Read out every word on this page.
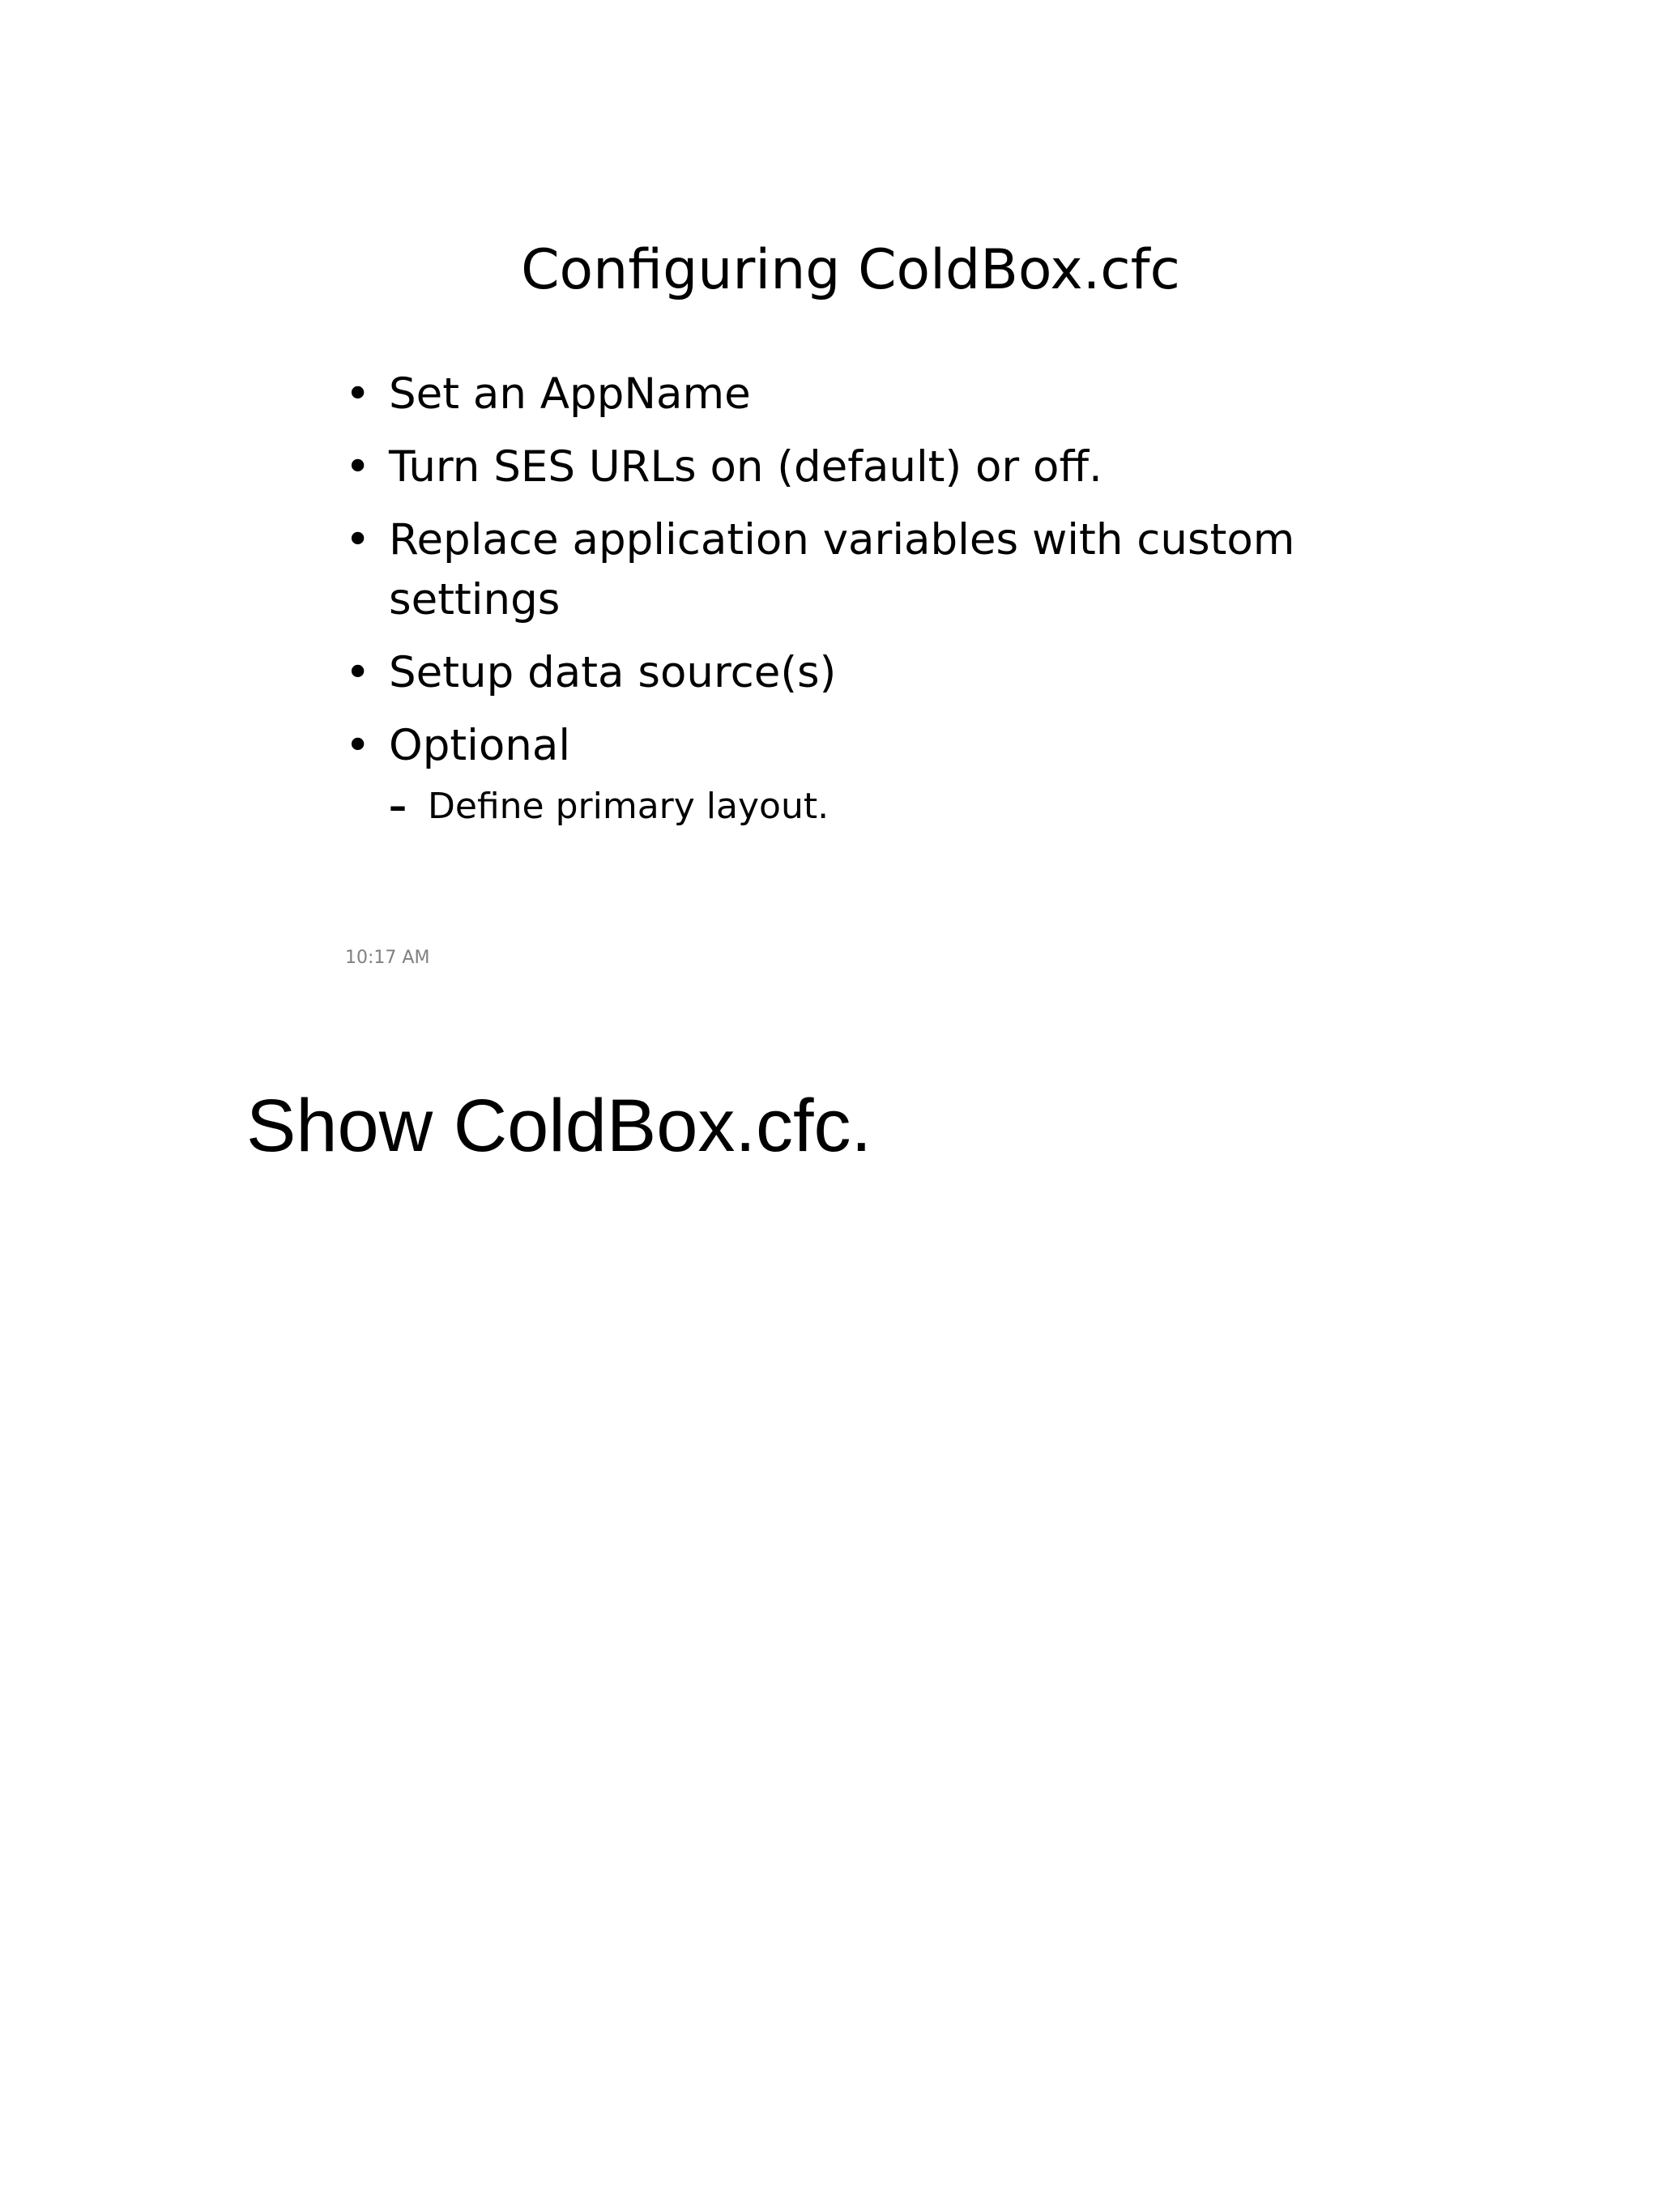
Configuring ColdBox.cfc
• Set an AppName
• Turn SES URLs on (default) or off.
• Replace application variables with custom settings
• Setup data source(s)
• Optional
– Define primary layout.
10:17 AM

Show ColdBox.cfc.
